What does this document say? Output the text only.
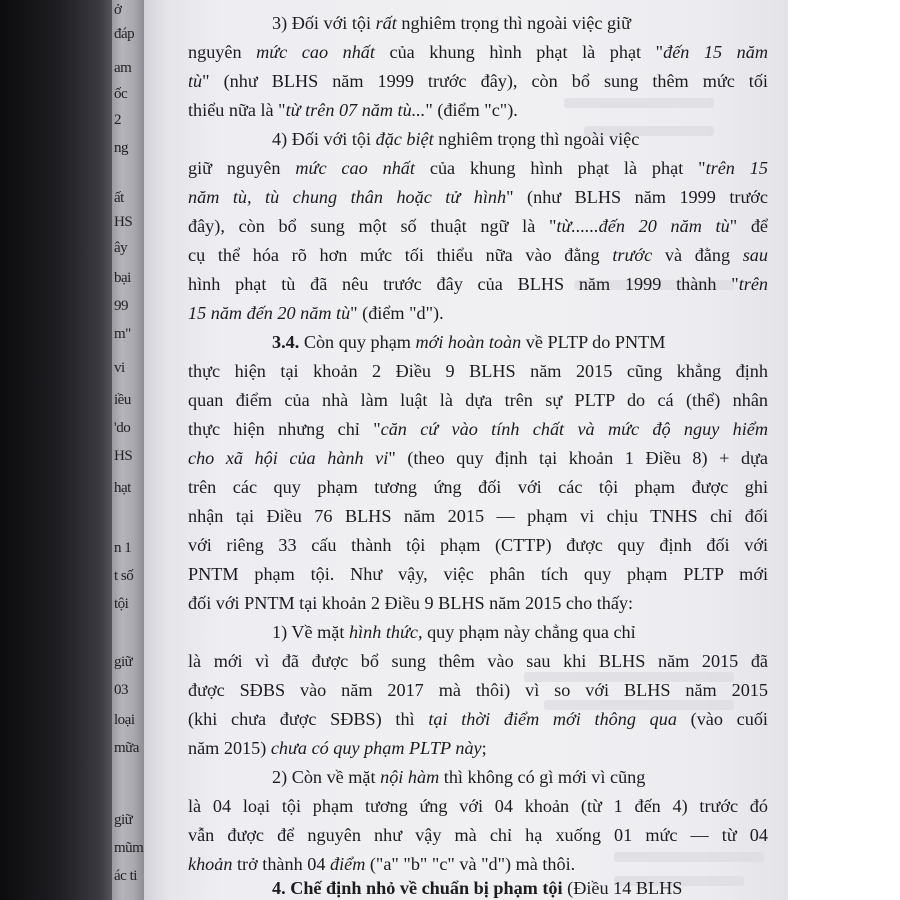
ở
đáp
am
ốc
2
ng
ất
HS
ây
bại
99
m"
vi
iều
'do
HS
hạt
n 1
t số
tội
giữ
03
loại
mữa
giữ
mũm
ác ti
3) Đối với tội rất nghiêm trọng thì ngoài việc giữ
nguyên mức cao nhất của khung hình phạt là phạt "đến 15 năm
tù" (như BLHS năm 1999 trước đây), còn bổ sung thêm mức tối
thiểu nữa là "từ trên 07 năm tù..." (điểm "c").
4) Đối với tội đặc biệt nghiêm trọng thì ngoài việc
giữ nguyên mức cao nhất của khung hình phạt là phạt "trên 15
năm tù, tù chung thân hoặc tử hình" (như BLHS năm 1999 trước
đây), còn bổ sung một số thuật ngữ là "từ......đến 20 năm tù" để
cụ thể hóa rõ hơn mức tối thiểu nữa vào đằng trước và đằng sau
hình phạt tù đã nêu trước đây của BLHS năm 1999 thành "trên
15 năm đến 20 năm tù" (điểm "d").
3.4. Còn quy phạm mới hoàn toàn về PLTP do PNTM
thực hiện tại khoản 2 Điều 9 BLHS năm 2015 cũng khẳng định
quan điểm của nhà làm luật là dựa trên sự PLTP do cá (thể) nhân
thực hiện nhưng chỉ "căn cứ vào tính chất và mức độ nguy hiểm
cho xã hội của hành vi" (theo quy định tại khoản 1 Điều 8) + dựa
trên các quy phạm tương ứng đối với các tội phạm được ghi
nhận tại Điều 76 BLHS năm 2015 — phạm vi chịu TNHS chỉ đối
với riêng 33 cấu thành tội phạm (CTTP) được quy định đối với
PNTM phạm tội. Như vậy, việc phân tích quy phạm PLTP mới
đối với PNTM tại khoản 2 Điều 9 BLHS năm 2015 cho thấy:
1) Về mặt hình thức, quy phạm này chẳng qua chỉ
là mới vì đã được bổ sung thêm vào sau khi BLHS năm 2015 đã
được SĐBS vào năm 2017 mà thôi) vì so với BLHS năm 2015
(khi chưa được SĐBS) thì tại thời điểm mới thông qua (vào cuối
năm 2015) chưa có quy phạm PLTP này;
2) Còn về mặt nội hàm thì không có gì mới vì cũng
là 04 loại tội phạm tương ứng với 04 khoản (từ 1 đến 4) trước đó
vẫn được để nguyên như vậy mà chỉ hạ xuống 01 mức — từ 04
khoản trở thành 04 điểm ("a" "b" "c" và "d") mà thôi.
4. Chế định nhỏ về chuẩn bị phạm tội (Điều 14 BLHS
